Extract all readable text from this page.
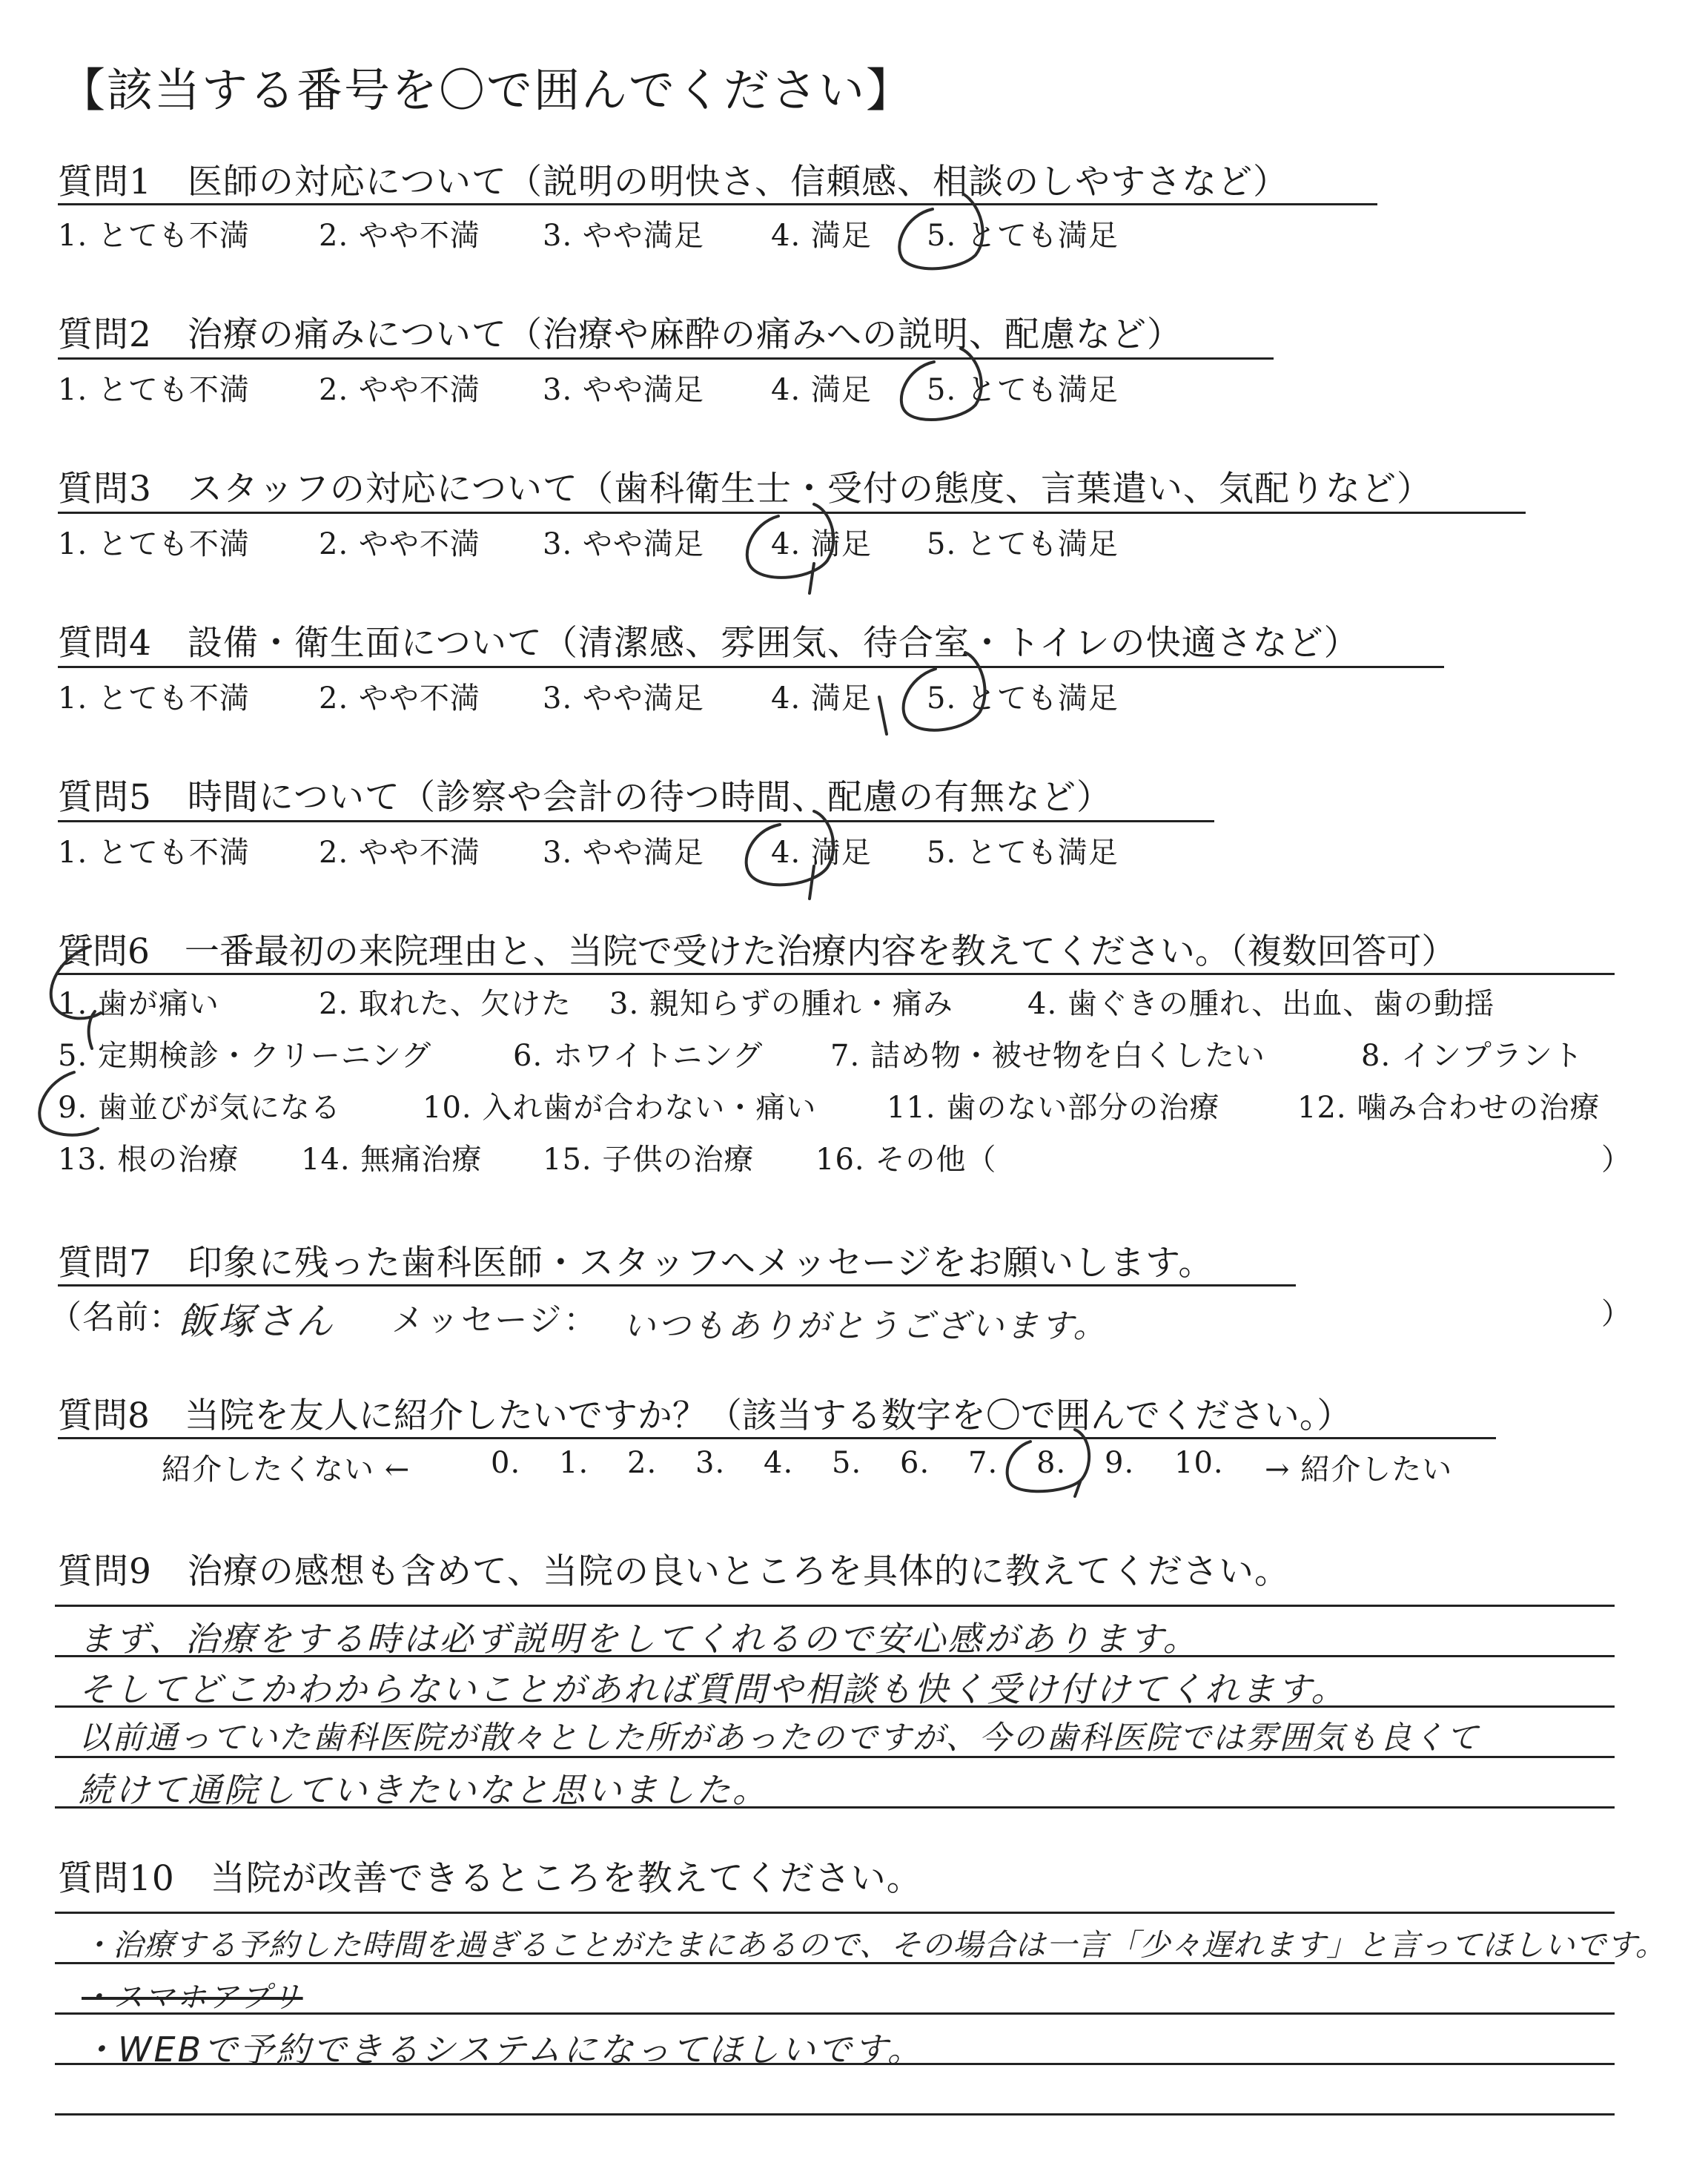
【該当する番号を〇で囲んでください】
質問1　医師の対応について（説明の明快さ、信頼感、相談のしやすさなど）
1. とても不満 2. やや不満 3. やや満足 4. 満足 5. とても満足
質問2　治療の痛みについて（治療や麻酔の痛みへの説明、配慮など）
1. とても不満 2. やや不満 3. やや満足 4. 満足 5. とても満足
質問3　スタッフの対応について（歯科衛生士・受付の態度、言葉遣い、気配りなど）
1. とても不満 2. やや不満 3. やや満足 4. 満足 5. とても満足
質問4　設備・衛生面について（清潔感、雰囲気、待合室・トイレの快適さなど）
1. とても不満 2. やや不満 3. やや満足 4. 満足 5. とても満足
質問5　時間について（診察や会計の待つ時間、配慮の有無など）
1. とても不満 2. やや不満 3. やや満足 4. 満足 5. とても満足
質問6　一番最初の来院理由と、当院で受けた治療内容を教えてください。（複数回答可）
1. 歯が痛い	2. 取れた、欠けた 3. 親知らずの腫れ・痛み	4. 歯ぐきの腫れ、出血、歯の動揺
5. 定期検診・クリーニング	6. ホワイトニング 7. 詰め物・被せ物を白くしたい	8. インプラント
9. 歯並びが気になる	10. 入れ歯が合わない・痛い 11. 歯のない部分の治療	12. 噛み合わせの治療
13. 根の治療 14. 無痛治療 15. 子供の治療 16. その他（	）
質問7　印象に残った歯科医師・スタッフへメッセージをお願いします。
（名前：
飯塚さん メッセージ： いつもありがとうございます。	）
質問8　当院を友人に紹介したいですか？（該当する数字を〇で囲んでください。）
紹介したくない ←	0. 1. 2. 3. 4. 5. 6. 7. 8. 9. 10. → 紹介したい
質問9　治療の感想も含めて、当院の良いところを具体的に教えてください。
まず、治療をする時は必ず説明をしてくれるので安心感があります。
そしてどこかわからないことがあれば質問や相談も快く受け付けてくれます。
以前通っていた歯科医院が散々とした所があったのですが、今の歯科医院では雰囲気も良くて
続けて通院していきたいなと思いました。
質問10　当院が改善できるところを教えてください。
・治療する予約した時間を過ぎることがたまにあるので、その場合は一言「少々遅れます」と言ってほしいです。
・スマホアプリ
・WEBで予約できるシステムになってほしいです。
